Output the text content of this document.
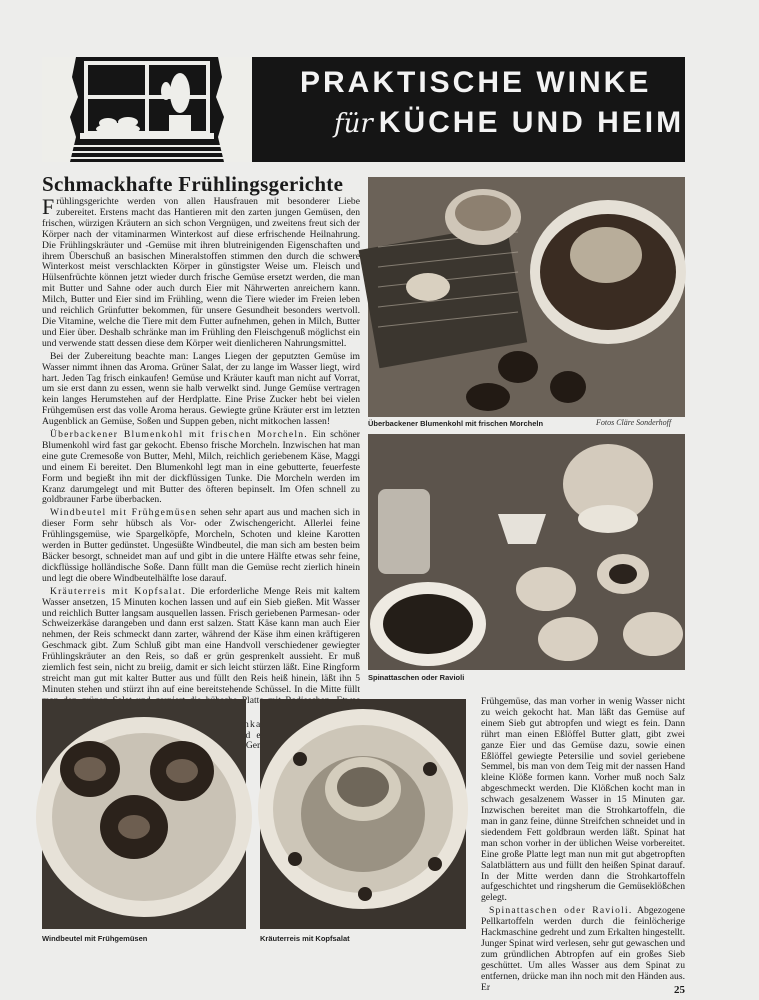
PRAKTISCHE WINKE
für KÜCHE UND HEIM
Schmackhafte Frühlingsgerichte

Frühlingsgerichte werden von allen Hausfrauen mit besonderer Liebe zubereitet. Erstens macht das Hantieren mit den zarten jungen Gemüsen, den frischen, würzigen Kräutern an sich schon Vergnügen, und zweitens freut sich der Körper nach der vitaminarmen Winterkost auf diese erfrischende Heilnahrung. Die Frühlingskräuter und -Gemüse mit ihren blutreinigenden Eigenschaften und ihrem Überschuß an basischen Mineralstoffen stimmen den durch die schwere Winterkost meist verschlackten Körper in günstigster Weise um. Fleisch und Hülsenfrüchte können jetzt wieder durch frische Gemüse ersetzt werden, die man mit Butter und Sahne oder auch durch Eier mit Nährwerten anreichern kann. Milch, Butter und Eier sind im Frühling, wenn die Tiere wieder im Freien leben und reichlich Grünfutter bekommen, für unsere Gesundheit besonders wertvoll. Die Vitamine, welche die Tiere mit dem Futter aufnehmen, gehen in Milch, Butter und Eier über. Deshalb schränke man im Frühling den Fleischgenuß möglichst ein und verwende statt dessen diese dem Körper weit dienlicheren Nahrungsmittel.

Bei der Zubereitung beachte man: Langes Liegen der geputzten Gemüse im Wasser nimmt ihnen das Aroma. Grüner Salat, der zu lange im Wasser liegt, wird hart. Jeden Tag frisch einkaufen! Gemüse und Kräuter kauft man nicht auf Vorrat, um sie erst dann zu essen, wenn sie halb verwelkt sind. Junge Gemüse vertragen kein langes Herumstehen auf der Herdplatte. Eine Prise Zucker hebt bei vielen Frühgemüsen erst das volle Aroma heraus. Gewiegte grüne Kräuter erst im letzten Augenblick an Gemüse, Soßen und Suppen geben, nicht mitkochen lassen!

Überbackener Blumenkohl mit frischen Morcheln. Ein schöner Blumenkohl wird fast gar gekocht. Ebenso frische Morcheln. Inzwischen hat man eine gute Cremesoße von Butter, Mehl, Milch, reichlich geriebenem Käse, Maggi und einem Ei bereitet. Den Blumenkohl legt man in eine gebutterte, feuerfeste Form und begießt ihn mit der dickflüssigen Tunke. Die Morcheln werden im Kranz darumgelegt und mit Butter des öfteren bepinselt. Im Ofen schnell zu goldbrauner Farbe überbacken.

Windbeutel mit Frühgemüsen sehen sehr apart aus und machen sich in dieser Form sehr hübsch als Vor- oder Zwischengericht. Allerlei feine Frühlingsgemüse, wie Spargelköpfe, Morcheln, Schoten und kleine Karotten werden in Butter gedünstet. Ungesüßte Windbeutel, die man sich am besten beim Bäcker besorgt, schneidet man auf und gibt in die untere Hälfte etwas sehr feine, dickflüssige holländische Soße. Dann füllt man die Gemüse recht zierlich hinein und legt die obere Windbeutelhälfte lose darauf.

Kräuterreis mit Kopfsalat. Die erforderliche Menge Reis mit kaltem Wasser ansetzen, 15 Minuten kochen lassen und auf ein Sieb gießen. Mit Wasser und reichlich Butter langsam ausquellen lassen. Frisch geriebenen Parmesan- oder Schweizerkäse darangeben und dann erst salzen. Statt Käse kann man auch Eier nehmen, der Reis schmeckt dann zarter, während der Käse ihm einen kräftigeren Geschmack gibt. Zum Schluß gibt man eine Handvoll verschiedener gewiegter Frühlingskräuter an den Reis, so daß er grün gesprenkelt aussieht. Er muß ziemlich fest sein, nicht zu breiig, damit er sich leicht stürzen läßt. Eine Ringform streicht man gut mit kalter Butter aus und füllt den Reis heiß hinein, läßt ihn 5 Minuten stehen und stürzt ihn auf eine bereitstehende Schüssel. In die Mitte füllt Platte

Überbackener Blumenkohl mit frischen Morcheln	Fotos Cläre Sonderhoff
Spinattaschen oder Ravioli
Windbeutel mit Frühgemüsen	Kräuterreis mit Kopfsalat

Frühgemüse, das man vorher in wenig Wasser nicht zu weich gekocht hat. Man läßt das Gemüse auf einem Sieb gut abtropfen und wiegt es fein. Dann rührt man einen Eßlöffel Butter glatt, gibt zwei ganze Eier und das Gemüse dazu, sowie einen Eßlöffel gewiegte Petersilie und soviel geriebene Semmel, bis man von dem Teig mit der nassen Hand kleine Klöße formen kann. Vorher muß noch Salz abgeschmeckt werden. Die Klößchen kocht man in schwach gesalzenem Wasser in 15 Minuten gar. Inzwischen bereitet man die Strohkartoffeln, die man in ganz feine, dünne Streifchen schneidet und in siedendem Fett goldbraun werden läßt. Spinat hat man schon vorher in der üblichen Weise vorbereitet. Eine große Platte legt man nun mit gut abgetropften Salatblättern aus und füllt den heißen Spinat darauf. In der Mitte werden dann die Strohkartoffeln aufgeschichtet und ringsherum die Gemüseklößchen gelegt.

Spinattaschen oder Ravioli. Abgezogene Pellkartoffeln werden durch die feinlöcherige Hackmaschine gedreht und zum Erkalten hingestellt. Junger Spinat wird verlesen, sehr gut gewaschen und zum gründlichen Abtropfen auf ein großes Sieb geschüttet. Um alles Wasser aus dem Spinat zu entfernen, drücke man ihn noch mit den Händen aus. Er	25
